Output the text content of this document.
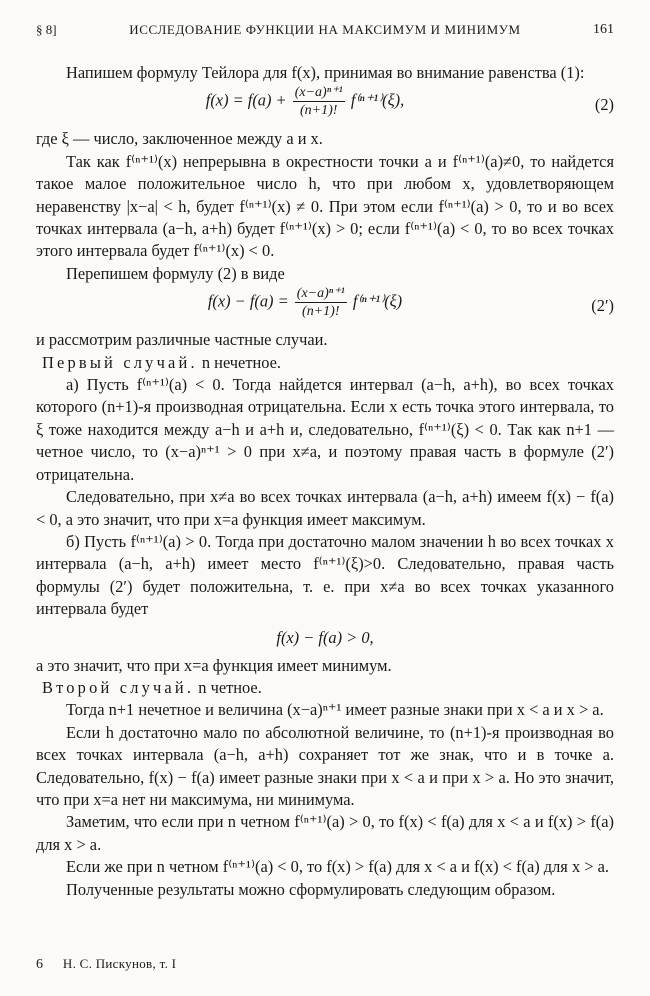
§ 8]	ИССЛЕДОВАНИЕ ФУНКЦИИ НА МАКСИМУМ И МИНИМУМ	161

Напишем формулу Тейлора для f(x), принимая во внимание равенства (1):

$f(x) = f(a) + \frac{\text{(x−a)ⁿ⁺¹}}{(n+1)!} f^{(n+1)}(\xi)$,	(2)

где ξ — число, заключенное между a и x.

Так как f⁽ⁿ⁺¹⁾(x) непрерывна в окрестности точки a и f⁽ⁿ⁺¹⁾(a)≠0, то найдется такое малое положительное число h, что при любом x, удовлетворяющем неравенству |x−a| < h, будет f⁽ⁿ⁺¹⁾(x) ≠ 0. При этом если f⁽ⁿ⁺¹⁾(a) > 0, то и во всех точках интервала (a−h, a+h) будет f⁽ⁿ⁺¹⁾(x) > 0; если f⁽ⁿ⁺¹⁾(a) < 0, то во всех точках этого интервала будет f⁽ⁿ⁺¹⁾(x) < 0.

Перепишем формулу (2) в виде

$f(x) - f(a) = \frac{\text{(x−a)ⁿ⁺¹}}{(n+1)!} f^{(n+1)}(\xi)$	(2′)

и рассмотрим различные частные случаи.

Первый случай. n нечетное.

а) Пусть f⁽ⁿ⁺¹⁾(a) < 0. Тогда найдется интервал (a−h, a+h), во всех точках которого (n+1)-я производная отрицательна. Если x есть точка этого интервала, то ξ тоже находится между a−h и a+h и, следовательно, f⁽ⁿ⁺¹⁾(ξ) < 0. Так как n+1 — четное число, то (x−a)ⁿ⁺¹ > 0 при x≠a, и поэтому правая часть в формуле (2′) отрицательна.

Следовательно, при x≠a во всех точках интервала (a−h, a+h) имеем f(x) − f(a) < 0, а это значит, что при x=a функция имеет максимум.

б) Пусть f⁽ⁿ⁺¹⁾(a) > 0. Тогда при достаточно малом значении h во всех точках x интервала (a−h, a+h) имеет место f⁽ⁿ⁺¹⁾(ξ)>0. Следовательно, правая часть формулы (2′) будет положительна, т. е. при x≠a во всех точках указанного интервала будет

f(x) − f(a) > 0,

а это значит, что при x=a функция имеет минимум.

Второй случай. n четное.

Тогда n+1 нечетное и величина (x−a)ⁿ⁺¹ имеет разные знаки при x < a и x > a.

Если h достаточно мало по абсолютной величине, то (n+1)-я производная во всех точках интервала (a−h, a+h) сохраняет тот же знак, что и в точке a. Следовательно, f(x) − f(a) имеет разные знаки при x < a и при x > a. Но это значит, что при x=a нет ни максимума, ни минимума.

Заметим, что если при n четном f⁽ⁿ⁺¹⁾(a) > 0, то f(x) < f(a) для x < a и f(x) > f(a) для x > a.

Если же при n четном f⁽ⁿ⁺¹⁾(a) < 0, то f(x) > f(a) для x < a и f(x) < f(a) для x > a.

Полученные результаты можно сформулировать следующим образом.

6 Н. С. Пискунов, т. I
